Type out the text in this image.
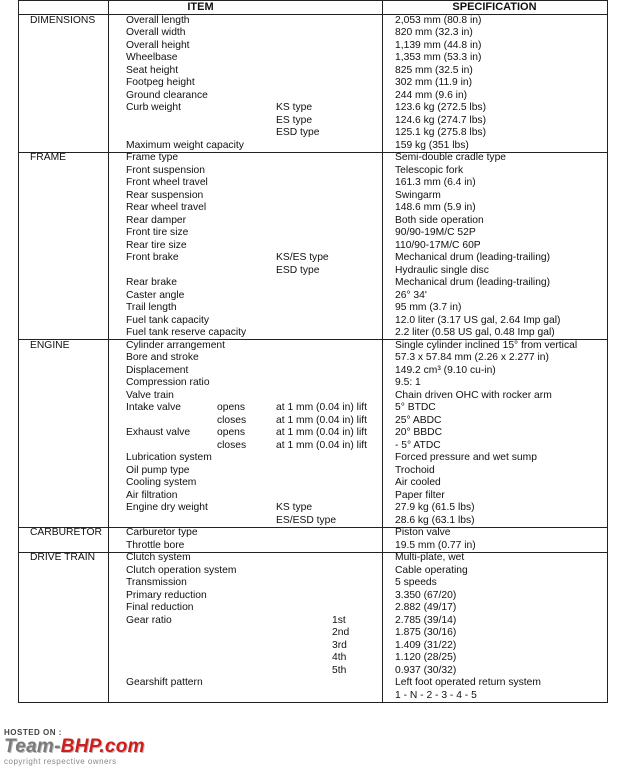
ITEM	SPECIFICATION
DIMENSIONS	Overall length	2,053 mm (80.8 in)
Overall width	820 mm (32.3 in)
Overall height	1,139 mm (44.8 in)
Wheelbase	1,353 mm (53.3 in)
Seat height	825 mm (32.5 in)
Footpeg height	302 mm (11.9 in)
Ground clearance	244 mm (9.6 in)
Curb weight	KS type	123.6 kg (272.5 lbs)
ES type	124.6 kg (274.7 lbs)
ESD type	125.1 kg (275.8 lbs)
Maximum weight capacity	159 kg (351 lbs)
FRAME	Frame type	Semi-double cradle type
Front suspension	Telescopic fork
Front wheel travel	161.3 mm (6.4 in)
Rear suspension	Swingarm
Rear wheel travel	148.6 mm (5.9 in)
Rear damper	Both side operation
Front tire size	90/90-19M/C 52P
Rear tire size	110/90-17M/C 60P
Front brake	KS/ES type	Mechanical drum (leading-trailing)
ESD type	Hydraulic single disc
Rear brake	Mechanical drum (leading-trailing)
Caster angle	26° 34'
Trail length	95 mm (3.7 in)
Fuel tank capacity	12.0 liter (3.17 US gal, 2.64 Imp gal)
Fuel tank reserve capacity	2.2 liter (0.58 US gal, 0.48 Imp gal)
ENGINE	Cylinder arrangement	Single cylinder inclined 15° from vertical
Bore and stroke	57.3 x 57.84 mm (2.26 x 2.277 in)
Displacement	149.2 cm³ (9.10 cu-in)
Compression ratio	9.5: 1
Valve train	Chain driven OHC with rocker arm
Intake valve	opens	at 1 mm (0.04 in) lift	5° BTDC
closes	at 1 mm (0.04 in) lift	25° ABDC
Exhaust valve	opens	at 1 mm (0.04 in) lift	20° BBDC
closes	at 1 mm (0.04 in) lift	- 5° ATDC
Lubrication system	Forced pressure and wet sump
Oil pump type	Trochoid
Cooling system	Air cooled
Air filtration	Paper filter
Engine dry weight	KS type	27.9 kg (61.5 lbs)
ES/ESD type	28.6 kg (63.1 lbs)
CARBURETOR Carburetor type	Piston valve
Throttle bore	19.5 mm (0.77 in)
DRIVE TRAIN	Clutch system	Multi-plate, wet
Clutch operation system	Cable operating
Transmission	5 speeds
Primary reduction	3.350 (67/20)
Final reduction	2.882 (49/17)
Gear ratio	1st	2.785 (39/14)
2nd	1.875 (30/16)
3rd	1.409 (31/22)
4th	1.120 (28/25)
5th	0.937 (30/32)
Gearshift pattern	Left foot operated return system
1 - N - 2 - 3 - 4 - 5
HOSTED ON :
Team-BHP.com
copyright respective owners
